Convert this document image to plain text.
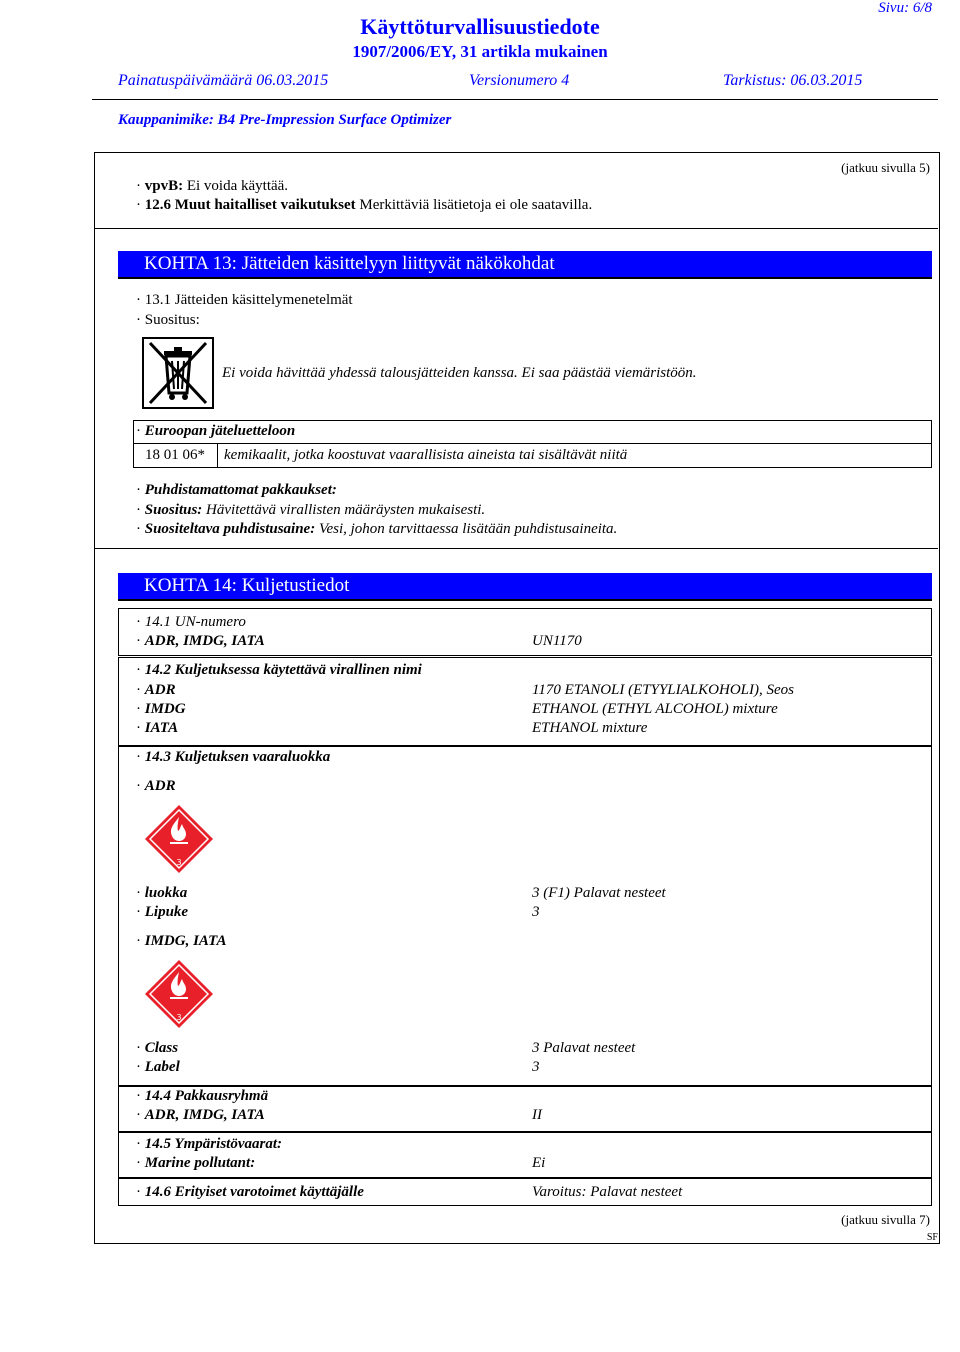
Sivu: 6/8
Käyttöturvallisuustiedote
1907/2006/EY, 31 artikla mukainen
Painatuspäivämäärä 06.03.2015	Versionumero 4	Tarkistus: 06.03.2015
Kauppanimike: B4 Pre-Impression Surface Optimizer
(jatkuu sivulla 5)
· vpvB: Ei voida käyttää.
· 12.6 Muut haitalliset vaikutukset Merkittäviä lisätietoja ei ole saatavilla.
KOHTA 13: Jätteiden käsittelyyn liittyvät näkökohdat
· 13.1 Jätteiden käsittelymenetelmät
· Suositus:
Ei voida hävittää yhdessä talousjätteiden kanssa. Ei saa päästää viemäristöön.
· Euroopan jäteluetteloon
18 01 06* kemikaalit, jotka koostuvat vaarallisista aineista tai sisältävät niitä
· Puhdistamattomat pakkaukset:
· Suositus: Hävitettävä virallisten määräysten mukaisesti.
· Suositeltava puhdistusaine: Vesi, johon tarvittaessa lisätään puhdistusaineita.
KOHTA 14: Kuljetustiedot
· 14.1 UN-numero
· ADR, IMDG, IATA	UN1170
· 14.2 Kuljetuksessa käytettävä virallinen nimi
· ADR	1170 ETANOLI (ETYYLIALKOHOLI), Seos
· IMDG	ETHANOL (ETHYL ALCOHOL) mixture
· IATA	ETHANOL mixture
· 14.3 Kuljetuksen vaaraluokka
· ADR
3
· luokka	3 (F1) Palavat nesteet
· Lipuke	3
· IMDG, IATA
3
· Class	3 Palavat nesteet
· Label	3
· 14.4 Pakkausryhmä
· ADR, IMDG, IATA	II
· 14.5 Ympäristövaarat:
· Marine pollutant:	Ei
· 14.6 Erityiset varotoimet käyttäjälle	Varoitus: Palavat nesteet
(jatkuu sivulla 7)
SF
